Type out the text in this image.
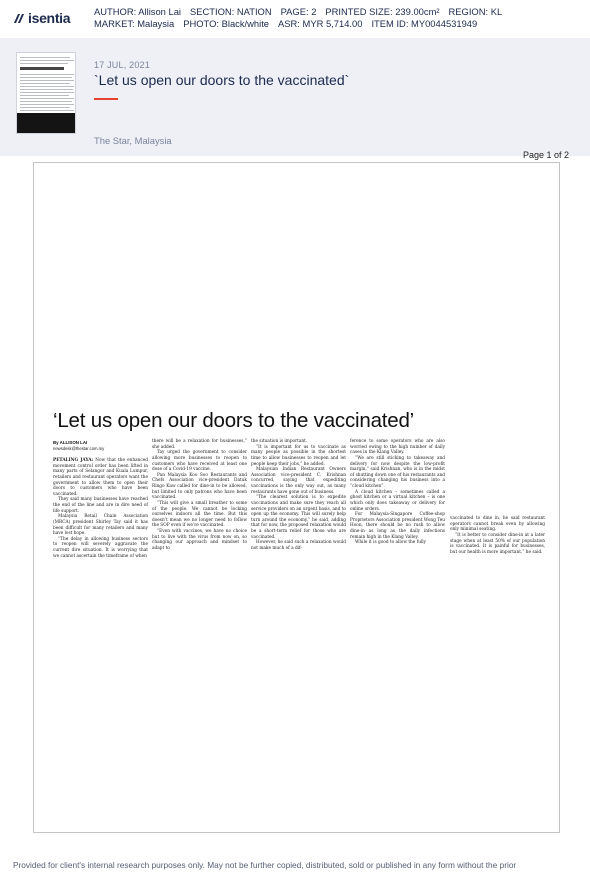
isentia	AUTHOR: Allison Lai SECTION: NATION PAGE: 2 PRINTED SIZE: 239.00cm² REGION: KL
MARKET: Malaysia PHOTO: Black/white ASR: MYR 5,714.00 ITEM ID: MY0044531949
17 JUL, 2021
`Let us open our doors to the vaccinated`
The Star, Malaysia
Page 1 of 2
‘Let us open our doors to the vaccinated’
By ALLISON LAI
newsdesk@thestar.com.my

PETALING JAYA: Now that the enhanced movement control order has been lifted in many parts of Selangor and Kuala Lumpur, retailers and restaurant operators want the government to allow them to open their doors to customers who have been vaccinated.

They said many businesses have reached the end of the line and are in dire need of life support.

Malaysia Retail Chain Association (MRCA) president Shirley Tay said it has been difficult for many retailers and many have lost hope.

“The delay in allowing business sectors to reopen will severely aggravate the current dire situation. It is worrying that we cannot ascertain the timeframe of when

there will be a relaxation for businesses,” she added.

Tay urged the government to consider allowing more businesses to reopen to customers who have received at least one dose of a Covid-19 vaccine.

Pan Malaysia Koo Soo Restaurants and Chefs Association vice-president Datuk Ringo Kaw called for dine-in to be allowed, but limited to only patrons who have been vaccinated.

“This will give a small breather to some of the people. We cannot be locking ourselves indoors all the time. But this doesn’t mean we no longer need to follow the SOP even if we’re vaccinated.

“Even with vaccines, we have no choice but to live with the virus from now on, so changing our approach and mindset to adapt to

the situation is important.

“It is important for us to vaccinate as many people as possible in the shortest time to allow businesses to reopen and let people keep their jobs,” he added.

Malaysian Indian Restaurant Owners Association vice-president C. Krishnan concurred, saying that expediting vaccinations is the only way out, as many restaurants have gone out of business.

“The clearest solution is to expedite vaccinations and make sure they reach all service providers on an urgent basis, and to open up the economy. This will surely help turn around the economy,” he said, adding that for now, the proposed relaxation would be a short-term relief for those who are vaccinated.

However, he said such a relaxation would not make much of a dif-

ference to some operators who are also worried owing to the high number of daily cases in the Klang Valley.

“We are still sticking to takeaway and delivery for now despite the low-profit margin,” said Krishnan, who is in the midst of shutting down one of his restaurants and considering changing his business into a “cloud kitchen”.

A cloud kitchen – sometimes called a ghost kitchen or a virtual kitchen – is one which only does takeaway or delivery for online orders.

For Malaysia-Singapore Coffee-shop Proprietors Association president Wong Teu Hoon, there should be no rush to allow dine-in as long as the daily infections remain high in the Klang Valley.

While it is good to allow the fully

vaccinated to dine in, he said restaurant operators cannot break even by allowing only minimal seating.

“It is better to consider dine-in at a later stage when at least 50% of our population is vaccinated. It is painful for businesses, but our health is more important,” he said.

Provided for client's internal research purposes only. May not be further copied, distributed, sold or published in any form without the prior
